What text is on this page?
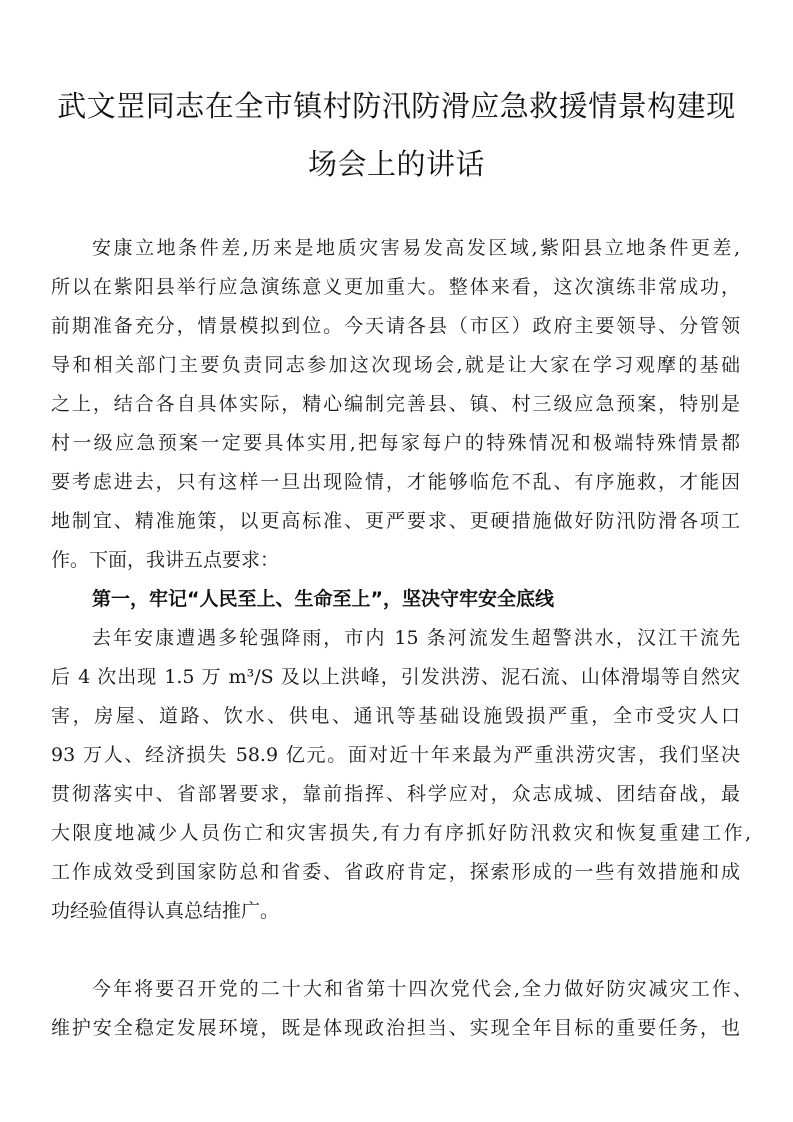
武文罡同志在全市镇村防汛防滑应急救援情景构建现
场会上的讲话
安康立地条件差,历来是地质灾害易发高发区域,紫阳县立地条件更差,
所以在紫阳县举行应急演练意义更加重大。整体来看，这次演练非常成功，
前期准备充分，情景模拟到位。今天请各县（市区）政府主要领导、分管领
导和相关部门主要负责同志参加这次现场会,就是让大家在学习观摩的基础
之上，结合各自具体实际，精心编制完善县、镇、村三级应急预案，特别是
村一级应急预案一定要具体实用,把每家每户的特殊情况和极端特殊情景都
要考虑进去，只有这样一旦出现险情，才能够临危不乱、有序施救，才能因
地制宜、精准施策，以更高标准、更严要求、更硬措施做好防汛防滑各项工
作。下面，我讲五点要求：
第一，牢记“人民至上、生命至上”，坚决守牢安全底线
去年安康遭遇多轮强降雨，市内 15 条河流发生超警洪水，汉江干流先
后 4 次出现 1.5 万 m³/S 及以上洪峰，引发洪涝、泥石流、山体滑塌等自然灾
害，房屋、道路、饮水、供电、通讯等基础设施毁损严重，全市受灾人口
93 万人、经济损失 58.9 亿元。面对近十年来最为严重洪涝灾害，我们坚决
贯彻落实中、省部署要求，靠前指挥、科学应对，众志成城、团结奋战，最
大限度地减少人员伤亡和灾害损失,有力有序抓好防汛救灾和恢复重建工作,
工作成效受到国家防总和省委、省政府肯定，探索形成的一些有效措施和成
功经验值得认真总结推广。
今年将要召开党的二十大和省第十四次党代会,全力做好防灾减灾工作、
维护安全稳定发展环境，既是体现政治担当、实现全年目标的重要任务，也
